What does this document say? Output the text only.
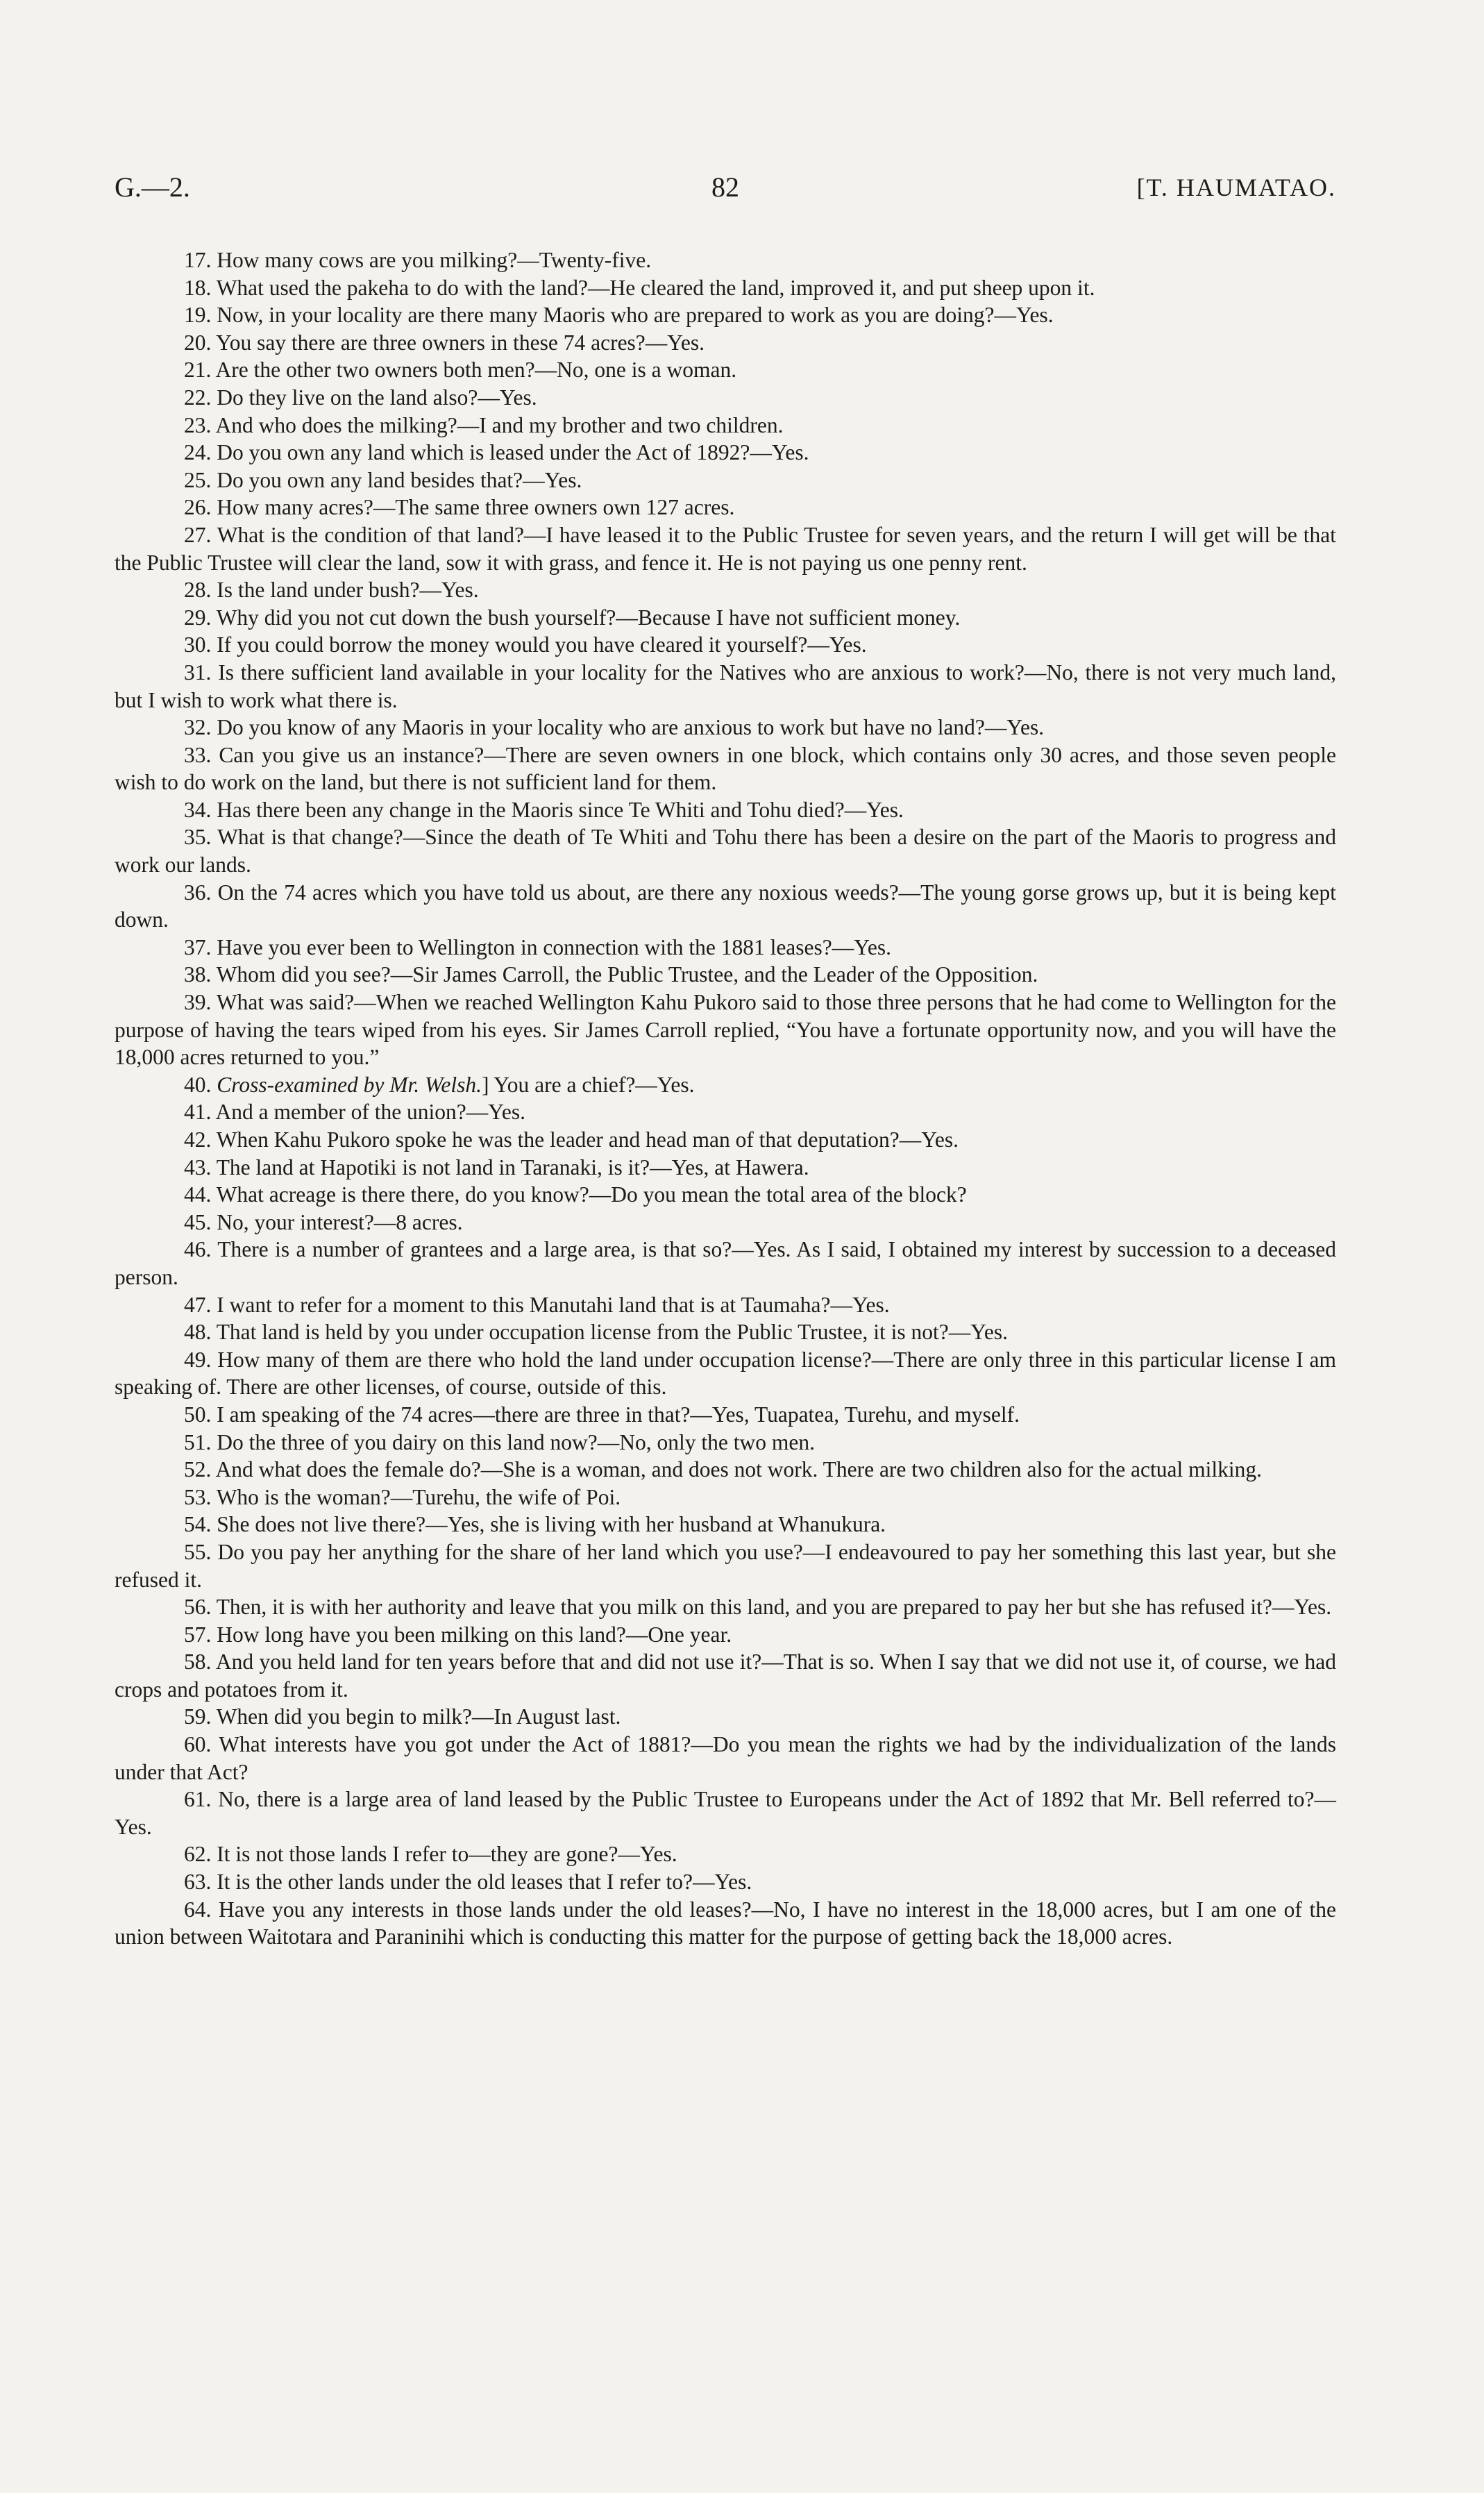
G.—2.	82	[T. HAUMATAO.

17. How many cows are you milking?—Twenty-five.

18. What used the pakeha to do with the land?—He cleared the land, improved it, and put sheep upon it.

19. Now, in your locality are there many Maoris who are prepared to work as you are doing?—Yes.

20. You say there are three owners in these 74 acres?—Yes.

21. Are the other two owners both men?—No, one is a woman.

22. Do they live on the land also?—Yes.

23. And who does the milking?—I and my brother and two children.

24. Do you own any land which is leased under the Act of 1892?—Yes.

25. Do you own any land besides that?—Yes.

26. How many acres?—The same three owners own 127 acres.

27. What is the condition of that land?—I have leased it to the Public Trustee for seven years, and the return I will get will be that the Public Trustee will clear the land, sow it with grass, and fence it. He is not paying us one penny rent.

28. Is the land under bush?—Yes.

29. Why did you not cut down the bush yourself?—Because I have not sufficient money.

30. If you could borrow the money would you have cleared it yourself?—Yes.

31. Is there sufficient land available in your locality for the Natives who are anxious to work?—No, there is not very much land, but I wish to work what there is.

32. Do you know of any Maoris in your locality who are anxious to work but have no land?—Yes.

33. Can you give us an instance?—There are seven owners in one block, which contains only 30 acres, and those seven people wish to do work on the land, but there is not sufficient land for them.

34. Has there been any change in the Maoris since Te Whiti and Tohu died?—Yes.

35. What is that change?—Since the death of Te Whiti and Tohu there has been a desire on the part of the Maoris to progress and work our lands.

36. On the 74 acres which you have told us about, are there any noxious weeds?—The young gorse grows up, but it is being kept down.

37. Have you ever been to Wellington in connection with the 1881 leases?—Yes.

38. Whom did you see?—Sir James Carroll, the Public Trustee, and the Leader of the Opposition.

39. What was said?—When we reached Wellington Kahu Pukoro said to those three persons that he had come to Wellington for the purpose of having the tears wiped from his eyes. Sir James Carroll replied, “You have a fortunate opportunity now, and you will have the 18,000 acres returned to you.”

40. Cross-examined by Mr. Welsh.] You are a chief?—Yes.

41. And a member of the union?—Yes.

42. When Kahu Pukoro spoke he was the leader and head man of that deputation?—Yes.

43. The land at Hapotiki is not land in Taranaki, is it?—Yes, at Hawera.

44. What acreage is there there, do you know?—Do you mean the total area of the block?

45. No, your interest?—8 acres.

46. There is a number of grantees and a large area, is that so?—Yes. As I said, I obtained my interest by succession to a deceased person.

47. I want to refer for a moment to this Manutahi land that is at Taumaha?—Yes.

48. That land is held by you under occupation license from the Public Trustee, it is not?—Yes.

49. How many of them are there who hold the land under occupation license?—There are only three in this particular license I am speaking of. There are other licenses, of course, outside of this.

50. I am speaking of the 74 acres—there are three in that?—Yes, Tuapatea, Turehu, and myself.

51. Do the three of you dairy on this land now?—No, only the two men.

52. And what does the female do?—She is a woman, and does not work. There are two children also for the actual milking.

53. Who is the woman?—Turehu, the wife of Poi.

54. She does not live there?—Yes, she is living with her husband at Whanukura.

55. Do you pay her anything for the share of her land which you use?—I endeavoured to pay her something this last year, but she refused it.

56. Then, it is with her authority and leave that you milk on this land, and you are prepared to pay her but she has refused it?—Yes.

57. How long have you been milking on this land?—One year.

58. And you held land for ten years before that and did not use it?—That is so. When I say that we did not use it, of course, we had crops and potatoes from it.

59. When did you begin to milk?—In August last.

60. What interests have you got under the Act of 1881?—Do you mean the rights we had by the individualization of the lands under that Act?

61. No, there is a large area of land leased by the Public Trustee to Europeans under the Act of 1892 that Mr. Bell referred to?—Yes.

62. It is not those lands I refer to—they are gone?—Yes.

63. It is the other lands under the old leases that I refer to?—Yes.

64. Have you any interests in those lands under the old leases?—No, I have no interest in the 18,000 acres, but I am one of the union between Waitotara and Paraninihi which is conducting this matter for the purpose of getting back the 18,000 acres.
